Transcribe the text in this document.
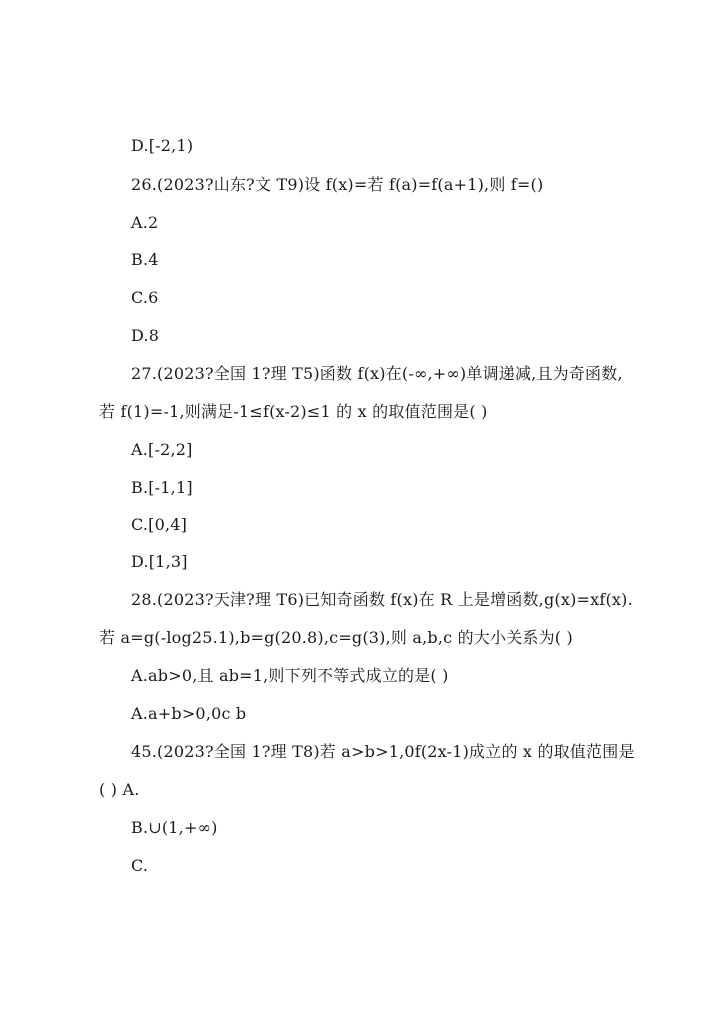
D.[-2,1)
26.(2023?山东?文 T9)设 f(x)=若 f(a)=f(a+1),则 f=()
A.2
B.4
C.6
D.8
27.(2023?全国 1?理 T5)函数 f(x)在(-∞,+∞)单调递减,且为奇函数,
若 f(1)=-1,则满足-1≤f(x-2)≤1 的 x 的取值范围是( )
A.[-2,2]
B.[-1,1]
C.[0,4]
D.[1,3]
28.(2023?天津?理 T6)已知奇函数 f(x)在 R 上是增函数,g(x)=xf(x).
若 a=g(-log25.1),b=g(20.8),c=g(3),则 a,b,c 的大小关系为( )
A.ab>0,且 ab=1,则下列不等式成立的是( )
A.a+b>0,0c b
45.(2023?全国 1?理 T8)若 a>b>1,0f(2x-1)成立的 x 的取值范围是
( ) A.
B.∪(1,+∞)
C.
